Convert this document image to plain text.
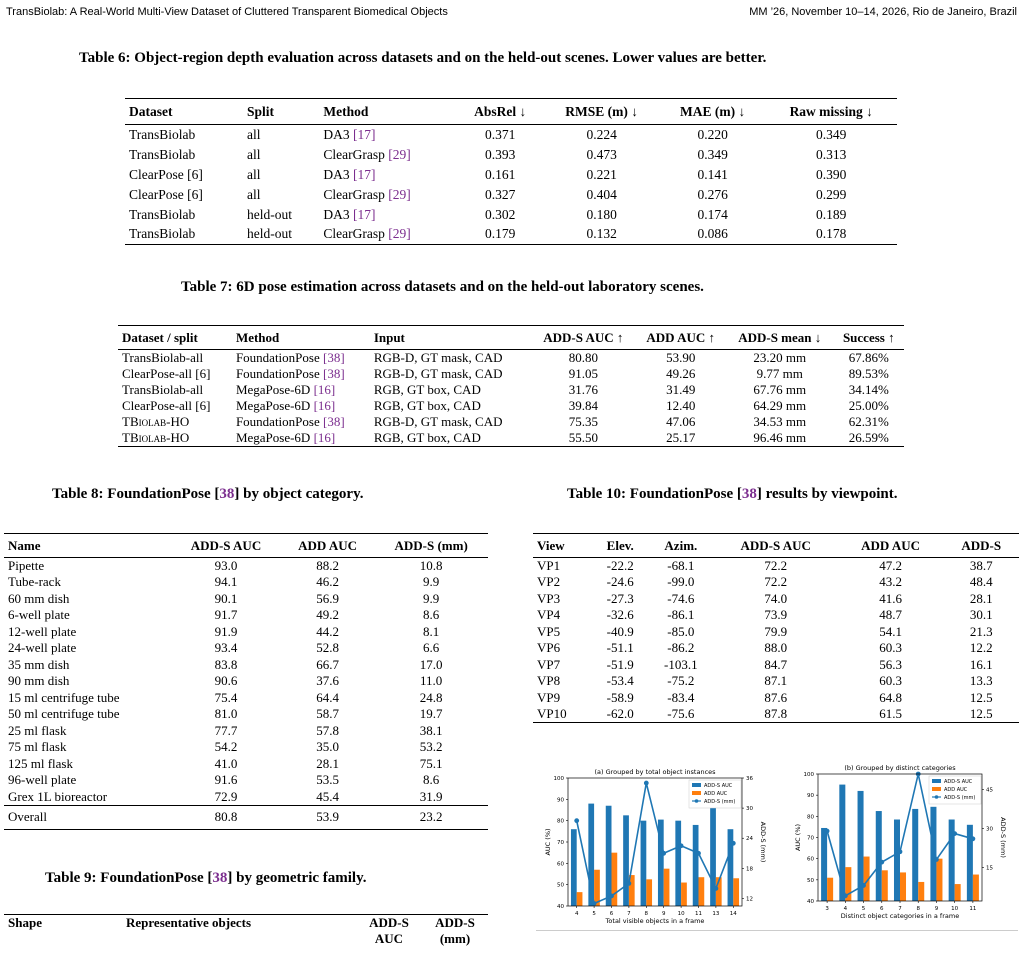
TransBiolab: A Real-World Multi-View Dataset of Cluttered Transparent Biomedical Objects	MM ’26, November 10–14, 2026, Rio de Janeiro, Brazil
Table 6: Object-region depth evaluation across datasets and on the held-out scenes. Lower values are better.
Dataset	Split	Method	AbsRel ↓	RMSE (m) ↓	MAE (m) ↓	Raw missing ↓
TransBiolab	all	DA3 [17]	0.371	0.224	0.220	0.349
TransBiolab	all	ClearGrasp [29]	0.393	0.473	0.349	0.313
ClearPose [6]	all	DA3 [17]	0.161	0.221	0.141	0.390
ClearPose [6]	all	ClearGrasp [29]	0.327	0.404	0.276	0.299
TransBiolab	held-out	DA3 [17]	0.302	0.180	0.174	0.189
TransBiolab	held-out	ClearGrasp [29]	0.179	0.132	0.086	0.178
Table 7: 6D pose estimation across datasets and on the held-out laboratory scenes.
Dataset / split	Method	Input	ADD-S AUC ↑	ADD AUC ↑	ADD-S mean ↓	Success ↑
TransBiolab-all	FoundationPose [38]	RGB-D, GT mask, CAD	80.80	53.90	23.20 mm	67.86%
ClearPose-all [6]	FoundationPose [38]	RGB-D, GT mask, CAD	91.05	49.26	9.77 mm	89.53%
TransBiolab-all	MegaPose-6D [16]	RGB, GT box, CAD	31.76	31.49	67.76 mm	34.14%
ClearPose-all [6]	MegaPose-6D [16]	RGB, GT box, CAD	39.84	12.40	64.29 mm	25.00%
TBiolab-HO	FoundationPose [38]	RGB-D, GT mask, CAD	75.35	47.06	34.53 mm	62.31%
TBiolab-HO	MegaPose-6D [16]	RGB, GT box, CAD	55.50	25.17	96.46 mm	26.59%
Table 8: FoundationPose [38] by object category.
Name	ADD-S AUC	ADD AUC	ADD-S (mm)
Pipette	93.0	88.2	10.8
Tube-rack	94.1	46.2	9.9
60 mm dish	90.1	56.9	9.9
6-well plate	91.7	49.2	8.6
12-well plate	91.9	44.2	8.1
24-well plate	93.4	52.8	6.6
35 mm dish	83.8	66.7	17.0
90 mm dish	90.6	37.6	11.0
15 ml centrifuge tube	75.4	64.4	24.8
50 ml centrifuge tube	81.0	58.7	19.7
25 ml flask	77.7	57.8	38.1
75 ml flask	54.2	35.0	53.2
125 ml flask	41.0	28.1	75.1
96-well plate	91.6	53.5	8.6
Grex 1L bioreactor	72.9	45.4	31.9
Overall	80.8	53.9	23.2
Table 9: FoundationPose [38] by geometric family.
Shape	Representative objects	ADD-S	ADD-S
		AUC	(mm)
Table 10: FoundationPose [38] results by viewpoint.
View	Elev.	Azim.	ADD-S AUC	ADD AUC	ADD-S
VP1	-22.2	-68.1	72.2	47.2	38.7
VP2	-24.6	-99.0	72.2	43.2	48.4
VP3	-27.3	-74.6	74.0	41.6	28.1
VP4	-32.6	-86.1	73.9	48.7	30.1
VP5	-40.9	-85.0	79.9	54.1	21.3
VP6	-51.1	-86.2	88.0	60.3	12.2
VP7	-51.9	-103.1	84.7	56.3	16.1
VP8	-53.4	-75.2	87.1	60.3	13.3
VP9	-58.9	-83.4	87.6	64.8	12.5
VP10	-62.0	-75.6	87.8	61.5	12.5
(a) Grouped by total object instances
40
50
60
70
80
90
100
12
18
24
30
36
4	5	6	7	8	9 10 11 13 14
Total visible objects in a frame
AUC (%)	ADD-S (mm)
ADD-S AUC
ADD AUC
ADD-S (mm)
(b) Grouped by distinct categories
40
50
60
70
80
90
100
15
30
45
3	4	5	6	7	8	9 10 11
Distinct object categories in a frame
AUC (%)	ADD-S (mm)
ADD-S AUC
ADD AUC
ADD-S (mm)
